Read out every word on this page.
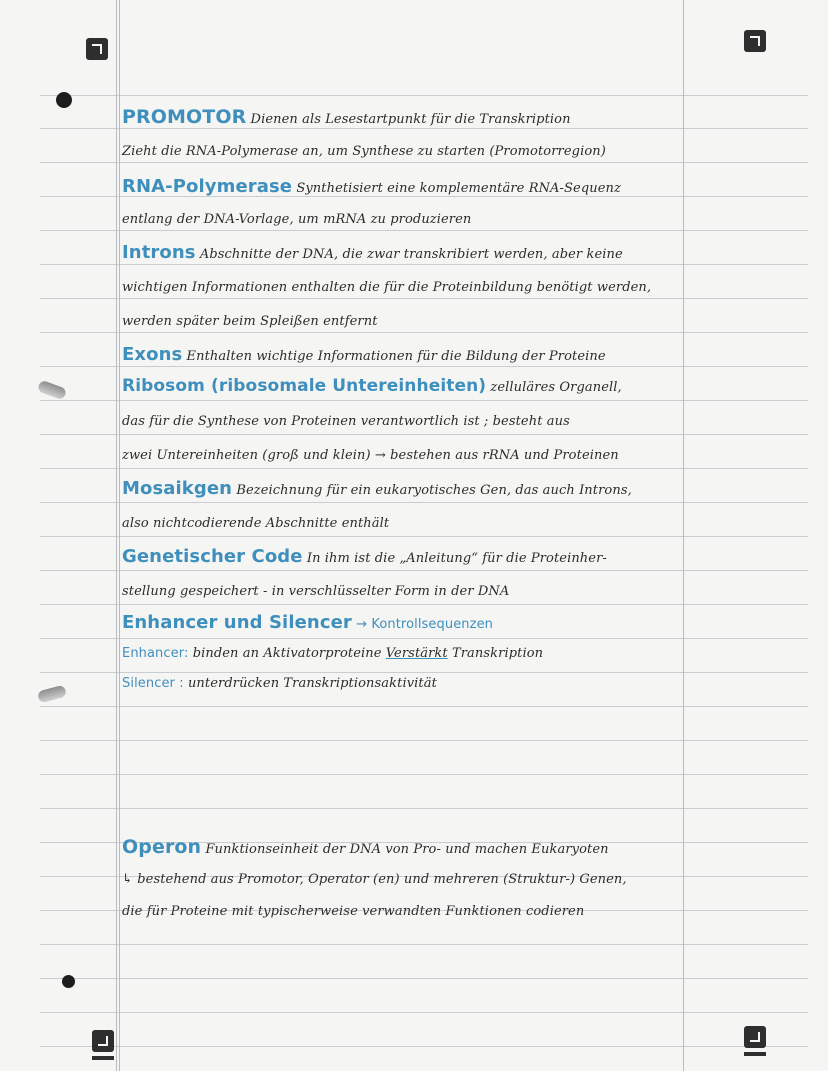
PROMOTOR Dienen als Lesestartpunkt für die Transkription
Zieht die RNA-Polymerase an, um Synthese zu starten (Promotorregion)
RNA-Polymerase Synthetisiert eine komplementäre RNA-Sequenz
entlang der DNA-Vorlage, um mRNA zu produzieren
Introns Abschnitte der DNA, die zwar transkribiert werden, aber keine
wichtigen Informationen enthalten die für die Proteinbildung benötigt werden,
werden später beim Spleißen entfernt
Exons Enthalten wichtige Informationen für die Bildung der Proteine
Ribosom (ribosomale Untereinheiten) zelluläres Organell,
das für die Synthese von Proteinen verantwortlich ist ; besteht aus
zwei Untereinheiten (groß und klein) → bestehen aus rRNA und Proteinen
Mosaikgen Bezeichnung für ein eukaryotisches Gen, das auch Introns,
also nichtcodierende Abschnitte enthält
Genetischer Code In ihm ist die „Anleitung“ für die Proteinher-
stellung gespeichert - in verschlüsselter Form in der DNA
Enhancer und Silencer → Kontrollsequenzen
Enhancer: binden an Aktivatorproteine Verstärkt Transkription
Silencer : unterdrücken Transkriptionsaktivität
Operon Funktionseinheit der DNA von Pro- und machen Eukaryoten
↳ bestehend aus Promotor, Operator (en) und mehreren (Struktur-) Genen,
die für Proteine mit typischerweise verwandten Funktionen codieren
